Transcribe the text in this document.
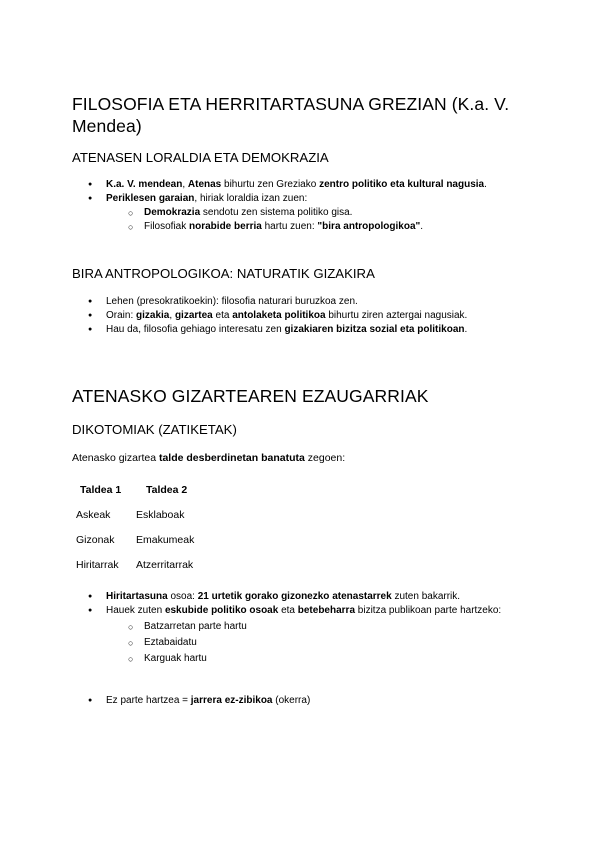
FILOSOFIA ETA HERRITARTASUNA GREZIAN (K.a. V. Mendea)
ATENASEN LORALDIA ETA DEMOKRAZIA
● K.a. V. mendean, Atenas bihurtu zen Greziako zentro politiko eta kultural nagusia.
● Periklesen garaian, hiriak loraldia izan zuen:
○ Demokrazia sendotu zen sistema politiko gisa.
○ Filosofiak norabide berria hartu zuen: "bira antropologikoa".
BIRA ANTROPOLOGIKOA: NATURATIK GIZAKIRA
● Lehen (presokratikoekin): filosofia naturari buruzkoa zen.
● Orain: gizakia, gizartea eta antolaketa politikoa bihurtu ziren aztergai nagusiak.
● Hau da, filosofia gehiago interesatu zen gizakiaren bizitza sozial eta politikoan.
ATENASKO GIZARTEAREN EZAUGARRIAK
DIKOTOMIAK (ZATIKETAK)

Atenasko gizartea talde desberdinetan banatuta zegoen:

Taldea 1 Taldea 2
Askeak Esklaboak
Gizonak Emakumeak
Hiritarrak Atzerritarrak
● Hiritartasuna osoa: 21 urtetik gorako gizonezko atenastarrek zuten bakarrik.
● Hauek zuten eskubide politiko osoak eta betebeharra bizitza publikoan parte hartzeko:
○ Batzarretan parte hartu
○ Eztabaidatu
○ Karguak hartu
● Ez parte hartzea = jarrera ez-zibikoa (okerra)
